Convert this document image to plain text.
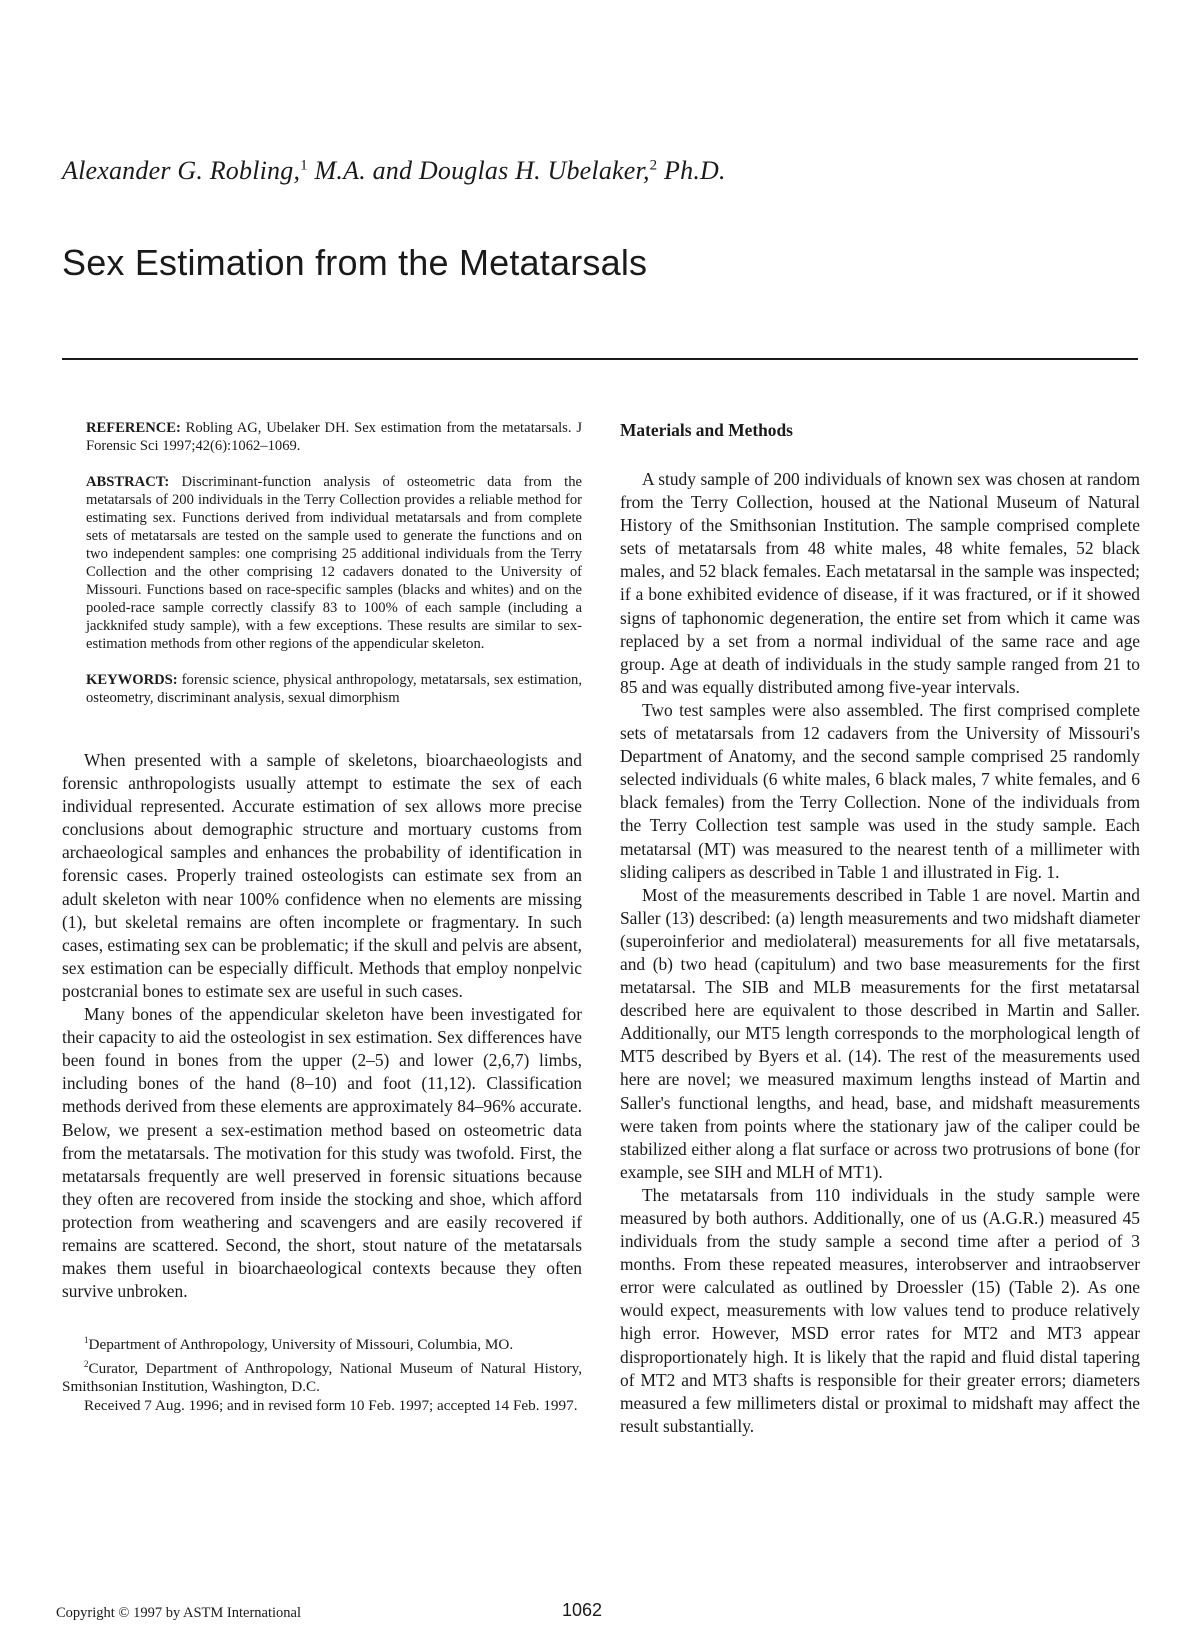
Alexander G. Robling,$^1$ M.A. and Douglas H. Ubelaker,$^2$ Ph.D.
Sex Estimation from the Metatarsals
REFERENCE: Robling AG, Ubelaker DH. Sex estimation from the metatarsals. J Forensic Sci 1997;42(6):1062–1069.
ABSTRACT: Discriminant-function analysis of osteometric data from the metatarsals of 200 individuals in the Terry Collection provides a reliable method for estimating sex. Functions derived from individual metatarsals and from complete sets of metatarsals are tested on the sample used to generate the functions and on two independent samples: one comprising 25 additional individuals from the Terry Collection and the other comprising 12 cadavers donated to the University of Missouri. Functions based on race-specific samples (blacks and whites) and on the pooled-race sample correctly classify 83 to 100% of each sample (including a jackknifed study sample), with a few exceptions. These results are similar to sex-estimation methods from other regions of the appendicular skeleton.
KEYWORDS: forensic science, physical anthropology, metatarsals, sex estimation, osteometry, discriminant analysis, sexual dimorphism

When presented with a sample of skeletons, bioarchaeologists and forensic anthropologists usually attempt to estimate the sex of each individual represented. Accurate estimation of sex allows more precise conclusions about demographic structure and mortuary customs from archaeological samples and enhances the probability of identification in forensic cases. Properly trained osteologists can estimate sex from an adult skeleton with near 100% confidence when no elements are missing (1), but skeletal remains are often incomplete or fragmentary. In such cases, estimating sex can be problematic; if the skull and pelvis are absent, sex estimation can be especially difficult. Methods that employ nonpelvic postcranial bones to estimate sex are useful in such cases.

Many bones of the appendicular skeleton have been investigated for their capacity to aid the osteologist in sex estimation. Sex differences have been found in bones from the upper (2–5) and lower (2,6,7) limbs, including bones of the hand (8–10) and foot (11,12). Classification methods derived from these elements are approximately 84–96% accurate. Below, we present a sex-estimation method based on osteometric data from the metatarsals. The motivation for this study was twofold. First, the metatarsals frequently are well preserved in forensic situations because they often are recovered from inside the stocking and shoe, which afford protection from weathering and scavengers and are easily recovered if remains are scattered. Second, the short, stout nature of the metatarsals makes them useful in bioarchaeological contexts because they often survive unbroken.

$^1$Department of Anthropology, University of Missouri, Columbia, MO.

$^2$Curator, Department of Anthropology, National Museum of Natural History, Smithsonian Institution, Washington, D.C.

Received 7 Aug. 1996; and in revised form 10 Feb. 1997; accepted 14 Feb. 1997.

Materials and Methods

A study sample of 200 individuals of known sex was chosen at random from the Terry Collection, housed at the National Museum of Natural History of the Smithsonian Institution. The sample comprised complete sets of metatarsals from 48 white males, 48 white females, 52 black males, and 52 black females. Each metatarsal in the sample was inspected; if a bone exhibited evidence of disease, if it was fractured, or if it showed signs of taphonomic degeneration, the entire set from which it came was replaced by a set from a normal individual of the same race and age group. Age at death of individuals in the study sample ranged from 21 to 85 and was equally distributed among five-year intervals.

Two test samples were also assembled. The first comprised complete sets of metatarsals from 12 cadavers from the University of Missouri's Department of Anatomy, and the second sample comprised 25 randomly selected individuals (6 white males, 6 black males, 7 white females, and 6 black females) from the Terry Collection. None of the individuals from the Terry Collection test sample was used in the study sample. Each metatarsal (MT) was measured to the nearest tenth of a millimeter with sliding calipers as described in Table 1 and illustrated in Fig. 1.

Most of the measurements described in Table 1 are novel. Martin and Saller (13) described: (a) length measurements and two midshaft diameter (superoinferior and mediolateral) measurements for all five metatarsals, and (b) two head (capitulum) and two base measurements for the first metatarsal. The SIB and MLB measurements for the first metatarsal described here are equivalent to those described in Martin and Saller. Additionally, our MT5 length corresponds to the morphological length of MT5 described by Byers et al. (14). The rest of the measurements used here are novel; we measured maximum lengths instead of Martin and Saller's functional lengths, and head, base, and midshaft measurements were taken from points where the stationary jaw of the caliper could be stabilized either along a flat surface or across two protrusions of bone (for example, see SIH and MLH of MT1).

The metatarsals from 110 individuals in the study sample were measured by both authors. Additionally, one of us (A.G.R.) measured 45 individuals from the study sample a second time after a period of 3 months. From these repeated measures, interobserver and intraobserver error were calculated as outlined by Droessler (15) (Table 2). As one would expect, measurements with low values tend to produce relatively high error. However, MSD error rates for MT2 and MT3 appear disproportionately high. It is likely that the rapid and fluid distal tapering of MT2 and MT3 shafts is responsible for their greater errors; diameters measured a few millimeters distal or proximal to midshaft may affect the result substantially.

Copyright © 1997 by ASTM International	1062
